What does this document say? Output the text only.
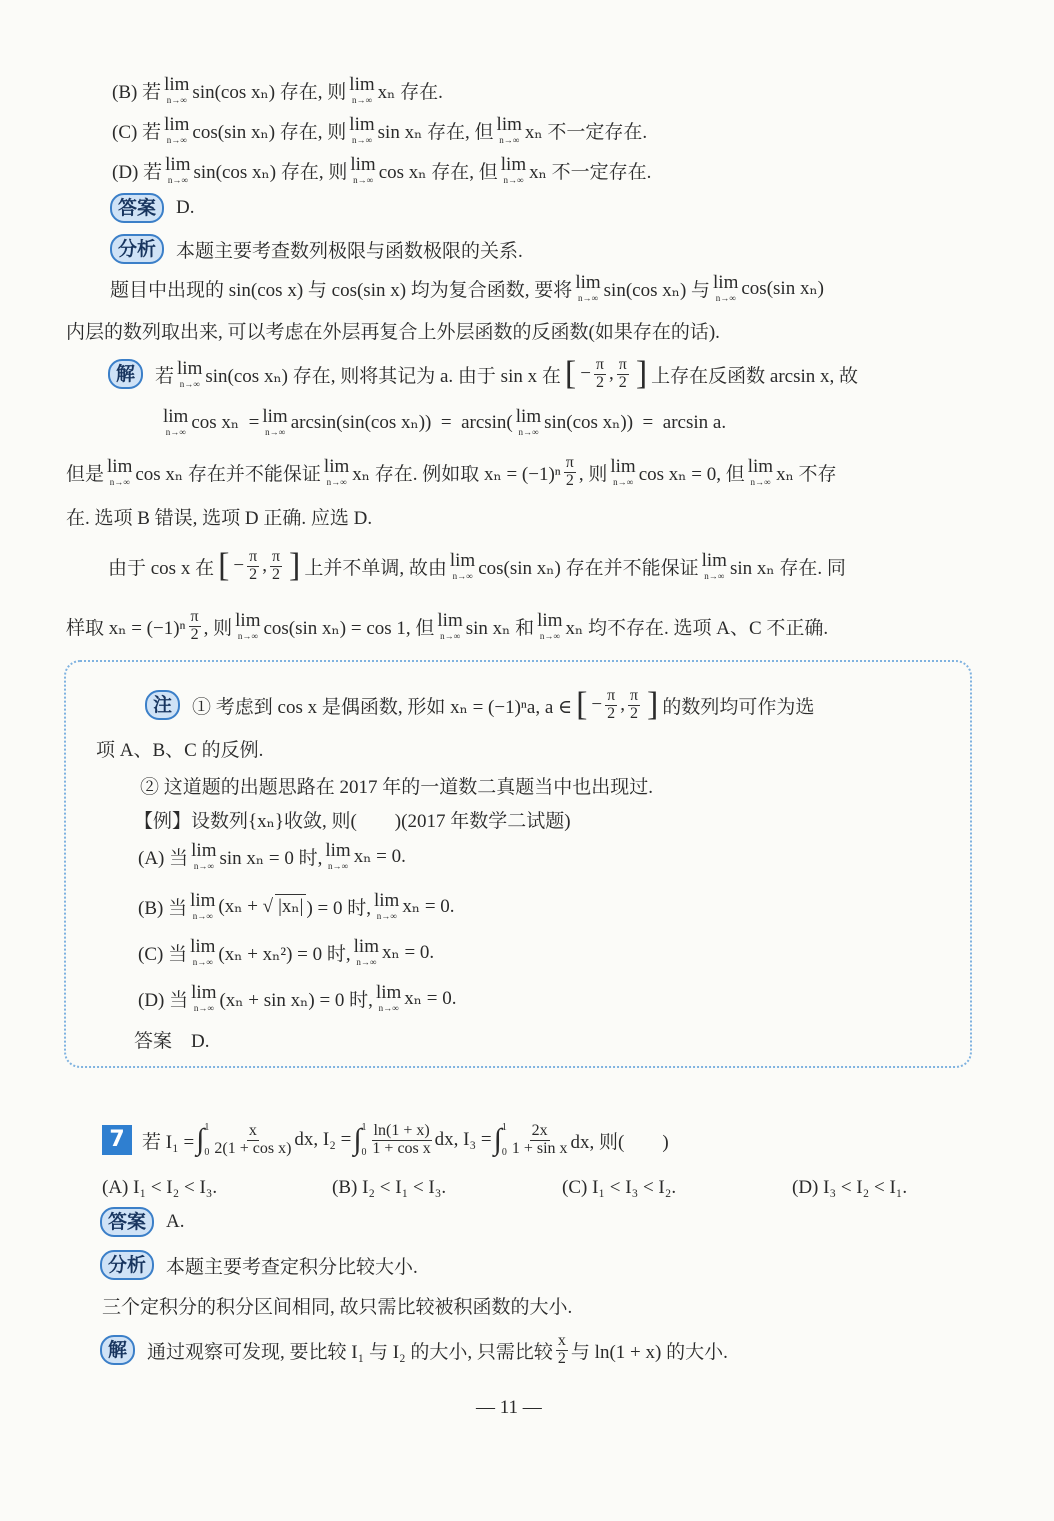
(B) 若 lim
n→∞ sin(cos xₙ) 存在, 则 lim
n→∞ xₙ 存在.
(C) 若 lim
n→∞ cos(sin xₙ) 存在, 则 lim
n→∞ sin xₙ 存在, 但 lim
n→∞ xₙ 不一定存在.
(D) 若 lim
n→∞ sin(cos xₙ) 存在, 则 lim
n→∞ cos xₙ 存在, 但 lim
n→∞ xₙ 不一定存在.
答案	D.
分析	本题主要考查数列极限与函数极限的关系.
题目中出现的 sin(cos x) 与 cos(sin x) 均为复合函数, 要将 lim
n→∞ sin(cos xₙ) 与 lim
n→∞ cos(sin xₙ)
内层的数列取出来, 可以考虑在外层再复合上外层函数的反函数(如果存在的话).
解	若 lim
n→∞ sin(cos xₙ) 存在, 则将其记为 a. 由于 sin x 在 [ − $\frac{\pi}{2}$ , $\frac{\pi}{2}$ ] 上存在反函数 arcsin x, 故
lim
n→∞ cos xₙ  = lim
n→∞ arcsin(sin(cos xₙ))  =  arcsin( lim
n→∞ sin(cos xₙ))  =  arcsin a.
但是 lim
n→∞ cos xₙ 存在并不能保证 lim
n→∞ xₙ 存在. 例如取 $x_n = (-1)^n \frac{\pi}{2}$ , 则 lim
n→∞ cos xₙ = 0, 但 lim
n→∞ xₙ 不存
在. 选项 B 错误, 选项 D 正确. 应选 D.
由于 cos x 在 [ − $\frac{\pi}{2}$ , $\frac{\pi}{2}$ ] 上并不单调, 故由 lim
n→∞ cos(sin xₙ) 存在并不能保证 lim
n→∞ sin xₙ 存在. 同
样取 $x_n = (-1)^n \frac{\pi}{2}$ , 则 lim
n→∞ cos(sin xₙ) = cos 1, 但 lim
n→∞ sin xₙ 和 lim
n→∞ xₙ 均不存在. 选项 A、C 不正确.
注	① 考虑到 cos x 是偶函数, 形如 xₙ = (−1)ⁿa, a ∈ [ − $\frac{\pi}{2}$ , $\frac{\pi}{2}$ ] 的数列均可作为选
项 A、B、C 的反例.
② 这道题的出题思路在 2017 年的一道数二真题当中也出现过.
【例】设数列{xₙ}收敛, 则(        )(2017 年数学二试题)
(A) 当 lim
n→∞ sin xₙ = 0 时, lim
n→∞ xₙ = 0.
(B) 当 lim
n→∞ (xₙ + √ |xₙ| ) = 0 时, lim
n→∞ xₙ = 0.
(C) 当 lim
n→∞ (xₙ + xₙ²) = 0 时, lim
n→∞ xₙ = 0.
(D) 当 lim
n→∞ (xₙ + sin xₙ) = 0 时, lim
n→∞ xₙ = 0.
答案    D.
7 若 I₁ = ∫ 1
$0 \frac{x}{\text{2(1 + cos x)}}$ dx, I₂ = ∫ 1
$0 \frac{\ln(1 + x)}{\text{1 + cos x}}$ dx, I₃ = ∫ 1
$0 \frac{2x}{\text{1 + sin x}}$ dx, 则(        )
(A) I₁ < I₂ < I₃.	(B) I₂ < I₁ < I₃.	(C) I₁ < I₃ < I₂.	(D) I₃ < I₂ < I₁.
答案	A.
分析	本题主要考查定积分比较大小.
三个定积分的积分区间相同, 故只需比较被积函数的大小.
解	通过观察可发现, 要比较 I₁ 与 I₂ 的大小, 只需比较 $\frac{x}{2}$ 与 ln(1 + x) 的大小.
— 11 —
